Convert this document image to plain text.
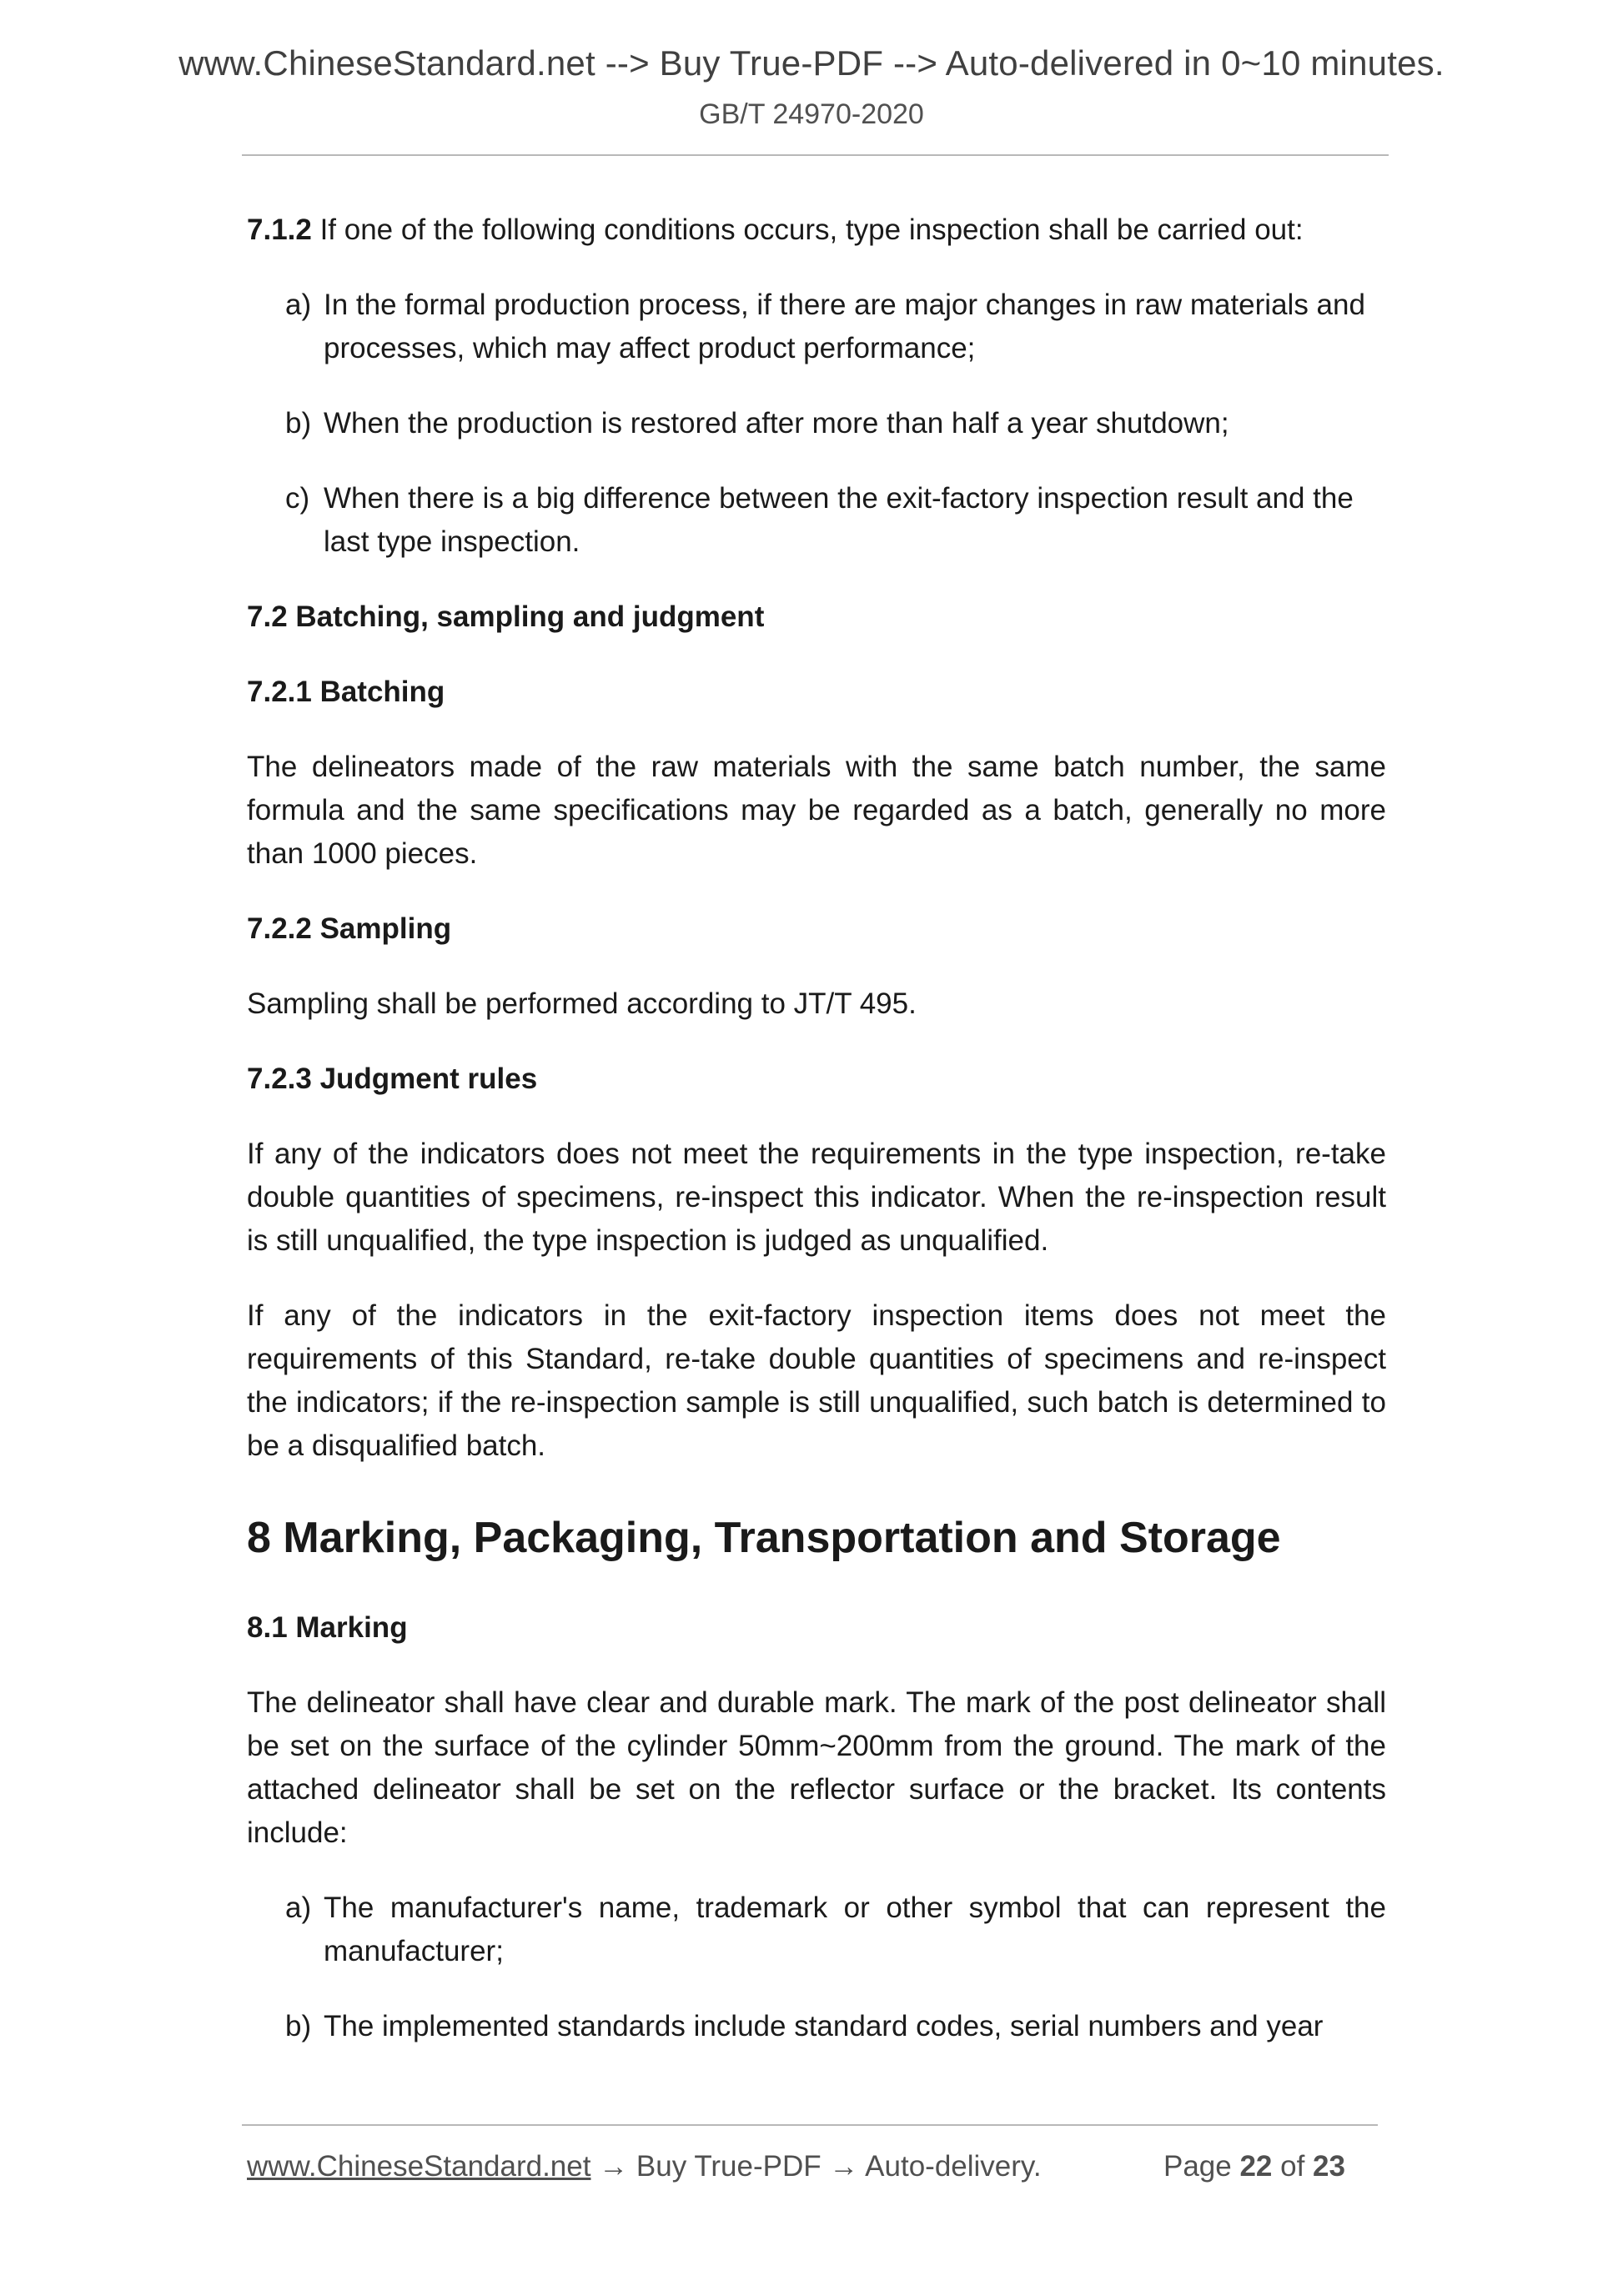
www.ChineseStandard.net --> Buy True-PDF --> Auto-delivered in 0~10 minutes.
GB/T 24970-2020

7.1.2 If one of the following conditions occurs, type inspection shall be carried out:

a) In the formal production process, if there are major changes in raw materials and processes, which may affect product performance;

b) When the production is restored after more than half a year shutdown;

c) When there is a big difference between the exit-factory inspection result and the last type inspection.

7.2 Batching, sampling and judgment

7.2.1 Batching

The delineators made of the raw materials with the same batch number, the same formula and the same specifications may be regarded as a batch, generally no more than 1000 pieces.

7.2.2 Sampling

Sampling shall be performed according to JT/T 495.

7.2.3 Judgment rules

If any of the indicators does not meet the requirements in the type inspection, re-take double quantities of specimens, re-inspect this indicator. When the re-inspection result is still unqualified, the type inspection is judged as unqualified.

If any of the indicators in the exit-factory inspection items does not meet the requirements of this Standard, re-take double quantities of specimens and re-inspect the indicators; if the re-inspection sample is still unqualified, such batch is determined to be a disqualified batch.

8 Marking, Packaging, Transportation and Storage

8.1 Marking

The delineator shall have clear and durable mark. The mark of the post delineator shall be set on the surface of the cylinder 50mm~200mm from the ground. The mark of the attached delineator shall be set on the reflector surface or the bracket. Its contents include:

a) The manufacturer's name, trademark or other symbol that can represent the manufacturer;

b) The implemented standards include standard codes, serial numbers and year

www.ChineseStandard.net → Buy True-PDF → Auto-delivery.	Page 22 of 23
